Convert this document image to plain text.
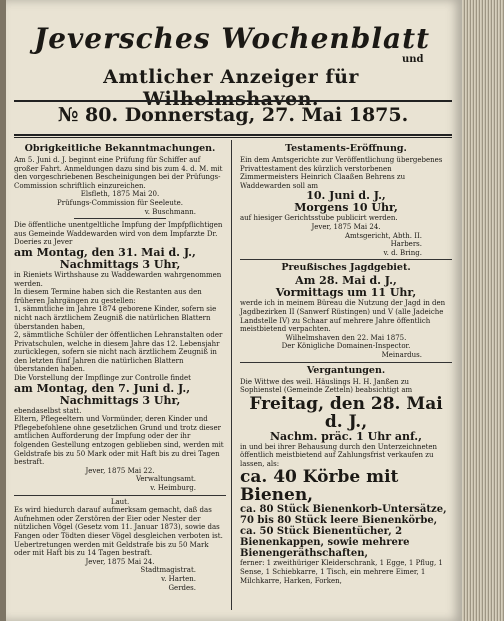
Jeversches Wochenblatt
und
Amtlicher Anzeiger für Wilhelmshaven.
№ 80. Donnerstag, 27. Mai 1875.
Obrigkeitliche Bekanntmachungen.

Am 5. Juni d. J. beginnt eine Prüfung für Schiffer auf großer Fahrt. Anmeldungen dazu sind bis zum 4. d. M. mit den vorgeschriebenen Bescheinigungen bei der Prüfungs-Commission schriftlich einzureichen.

Elsfleth, 1875 Mai 20.

Prüfungs-Commission für Seeleute.

v. Buschmann.

Die öffentliche unentgeltliche Impfung der Impfpflichtigen aus Gemeinde Waddewarden wird von dem Impfarzte Dr. Doeries zu Jever

am Montag, den 31. Mai d. J.,

Nachmittags 3 Uhr,

in Rieniets Wirthshause zu Waddewarden wahrgenommen werden.

In diesem Termine haben sich die Restanten aus den früheren Jahrgängen zu gestellen:

1, sämmtliche im Jahre 1874 geborene Kinder, sofern sie nicht nach ärztlichem Zeugniß die natürlichen Blattern überstanden haben,

2, sämmtliche Schüler der öffentlichen Lehranstalten oder Privatschulen, welche in diesem Jahre das 12. Lebensjahr zurücklegen, sofern sie nicht nach ärztlichem Zeugniß in den letzten fünf Jahren die natürlichen Blattern überstanden haben.

Die Vorstellung der Impflinge zur Controlle findet

am Montag, den 7. Juni d. J.,

Nachmittags 3 Uhr,

ebendaselbst statt.

Eltern, Pflegeeltern und Vormünder, deren Kinder und Pflegebefohlene ohne gesetzlichen Grund und trotz dieser amtlichen Aufforderung der Impfung oder der ihr folgenden Gestellung entzogen geblieben sind, werden mit Geldstrafe bis zu 50 Mark oder mit Haft bis zu drei Tagen bestraft.

Jever, 1875 Mai 22.

Verwaltungsamt.

v. Heimburg.

Laut.

Es wird hiedurch darauf aufmerksam gemacht, daß das Aufnehmen oder Zerstören der Eier oder Nester der nützlichen Vögel (Gesetz vom 11. Januar 1873), sowie das Fangen oder Tödten dieser Vögel desgleichen verboten ist. Uebertretungen werden mit Geldstrafe bis zu 50 Mark oder mit Haft bis zu 14 Tagen bestraft.

Jever, 1875 Mai 24.

Stadtmagistrat.

v. Harten.

Gerdes.

Testaments-Eröffnung.

Ein dem Amtsgerichte zur Veröffentlichung übergebenes Privattestament des kürzlich verstorbenen Zimmermeisters Heinrich Claaßen Behrens zu Waddewarden soll am

10. Juni d. J.,

Morgens 10 Uhr,

auf hiesiger Gerichtsstube publicirt werden.

Jever, 1875 Mai 24.

Amtsgericht, Abth. II.

Harbers.

v. d. Bring.

Preußisches Jagdgebiet.

Am 28. Mai d. J.,

Vormittags um 11 Uhr,

werde ich in meinem Büreau die Nutzung der Jagd in den Jagdbezirken II (Sanwerf Rüstingen) und V (alle Jadeiche Landstelle IV) zu Schaar auf mehrere Jahre öffentlich meistbietend verpachten.

Wilhelmshaven den 22. Mai 1875.

Der Königliche Domainen-Inspector.

Meinardus.

Vergantungen.

Die Wittwe des weil. Häuslings H. H. Janßen zu Sophienstel (Gemeinde Zetteln) beabsichtigt am

Freitag, den 28. Mai d. J.,

Nachm. präc. 1 Uhr anf.,

in und bei ihrer Behausung durch den Unterzeichneten öffentlich meistbietend auf Zahlungsfrist verkaufen zu lassen, als:

ca. 40 Körbe mit Bienen,

ca. 80 Stück Bienenkorb-Untersätze, 70 bis 80 Stück leere Bienenkörbe, ca. 50 Stück Bienentücher, 2 Bienenkappen, sowie mehrere Bienengeräthschaften,

ferner: 1 zweithüriger Kleiderschrank, 1 Egge, 1 Pflug, 1 Sense, 1 Schiebkarre, 1 Tisch, ein mehrere Eimer, 1 Milchkarre, Harken, Forken,
